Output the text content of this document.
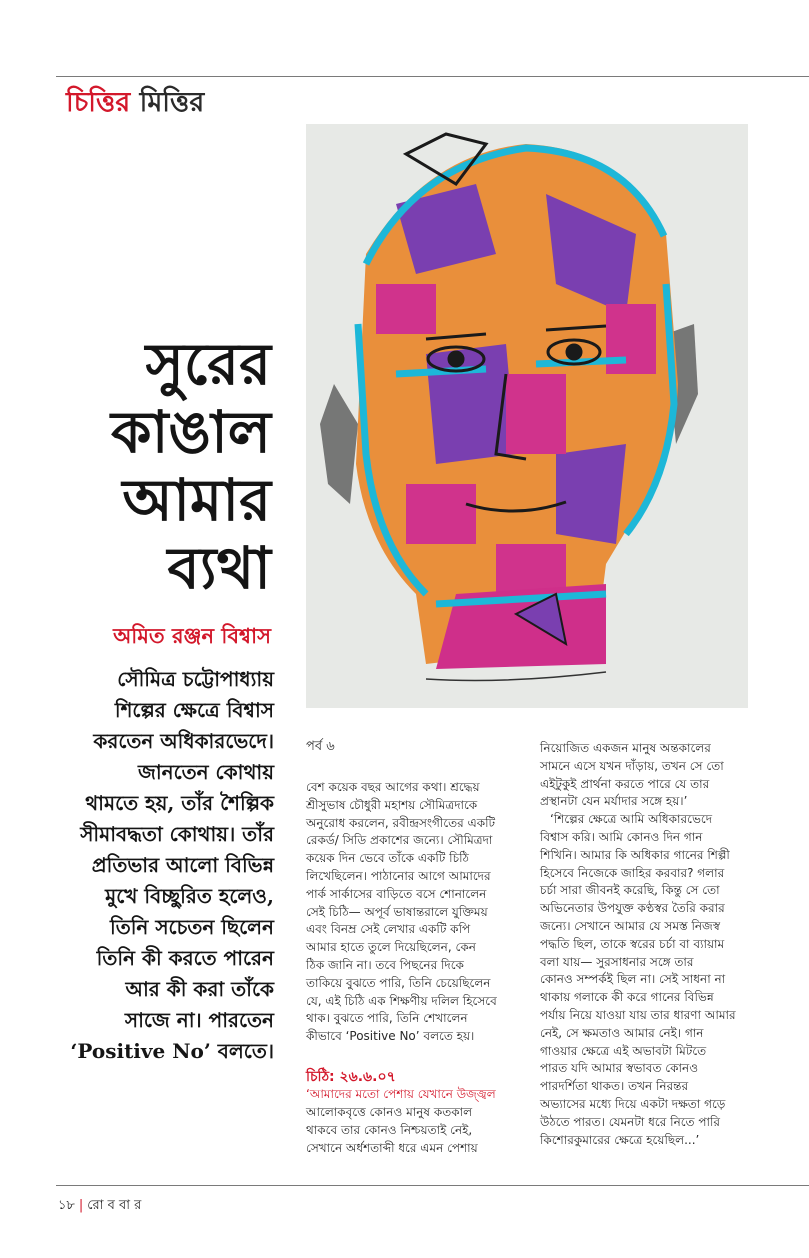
চিত্তির মিত্তির
সুরের
কাঙাল
আমার
ব্যথা
অমিত রঞ্জন বিশ্বাস
সৌমিত্র চট্টোপাধ্যায়
শিল্পের ক্ষেত্রে বিশ্বাস
করতেন অধিকারভেদে।
জানতেন কোথায়
থামতে হয়, তাঁর শৈল্পিক
সীমাবদ্ধতা কোথায়। তাঁর
প্রতিভার আলো বিভিন্ন
মুখে বিচ্ছুরিত হলেও,
তিনি সচেতন ছিলেন
তিনি কী করতে পারেন
আর কী করা তাঁকে
সাজে না। পারতেন
‘Positive No’ বলতে।
পর্ব ৬
বেশ কয়েক বছর আগের কথা। শ্রদ্ধেয়
শ্রীসুভাষ চৌধুরী মহাশয় সৌমিত্রদাকে
অনুরোধ করলেন, রবীন্দ্রসংগীতের একটি
রেকর্ড/ সিডি প্রকাশের জন্যে। সৌমিত্রদা
কয়েক দিন ভেবে তাঁকে একটি চিঠি
লিখেছিলেন। পাঠানোর আগে আমাদের
পার্ক সার্কাসের বাড়িতে বসে শোনালেন
সেই চিঠি— অপূর্ব ভাষান্তরালে যুক্তিময়
এবং বিনম্র সেই লেখার একটি কপি
আমার হাতে তুলে দিয়েছিলেন, কেন
ঠিক জানি না। তবে পিছনের দিকে
তাকিয়ে বুঝতে পারি, তিনি চেয়েছিলেন
যে, এই চিঠি এক শিক্ষণীয় দলিল হিসেবে
থাক। বুঝতে পারি, তিনি শেখালেন
কীভাবে ‘Positive No’ বলতে হয়।
চিঠি: ২৬.৬.০৭
‘আমাদের মতো পেশায় যেখানে উজ্জ্বল
আলোকবৃত্তে কোনও মানুষ কতকাল
থাকবে তার কোনও নিশ্চয়তাই নেই,
সেখানে অর্ধশতাব্দী ধরে এমন পেশায়
নিয়োজিত একজন মানুষ অন্তকালের
সামনে এসে যখন দাঁড়ায়, তখন সে তো
এইটুকুই প্রার্থনা করতে পারে যে তার
প্রস্থানটা যেন মর্যাদার সঙ্গে হয়।’
‘শিল্পের ক্ষেত্রে আমি অধিকারভেদে
বিশ্বাস করি। আমি কোনও দিন গান
শিখিনি। আমার কি অধিকার গানের শিল্পী
হিসেবে নিজেকে জাহির করবার? গলার
চর্চা সারা জীবনই করেছি, কিন্তু সে তো
অভিনেতার উপযুক্ত কণ্ঠস্বর তৈরি করার
জন্যে। সেখানে আমার যে সমস্ত নিজস্ব
পদ্ধতি ছিল, তাকে স্বরের চর্চা বা ব্যায়াম
বলা যায়— সুরসাধনার সঙ্গে তার
কোনও সম্পর্কই ছিল না। সেই সাধনা না
থাকায় গলাকে কী করে গানের বিভিন্ন
পর্যায় নিয়ে যাওয়া যায় তার ধারণা আমার
নেই, সে ক্ষমতাও আমার নেই। গান
গাওয়ার ক্ষেত্রে এই অভাবটা মিটতে
পারত যদি আমার স্বভাবত কোনও
পারদর্শিতা থাকত। তখন নিরন্তর
অভ্যাসের মধ্যে দিয়ে একটা দক্ষতা গড়ে
উঠতে পারত। যেমনটা ধরে নিতে পারি
কিশোরকুমারের ক্ষেত্রে হয়েছিল...’
১৮ | রো ব বা র
